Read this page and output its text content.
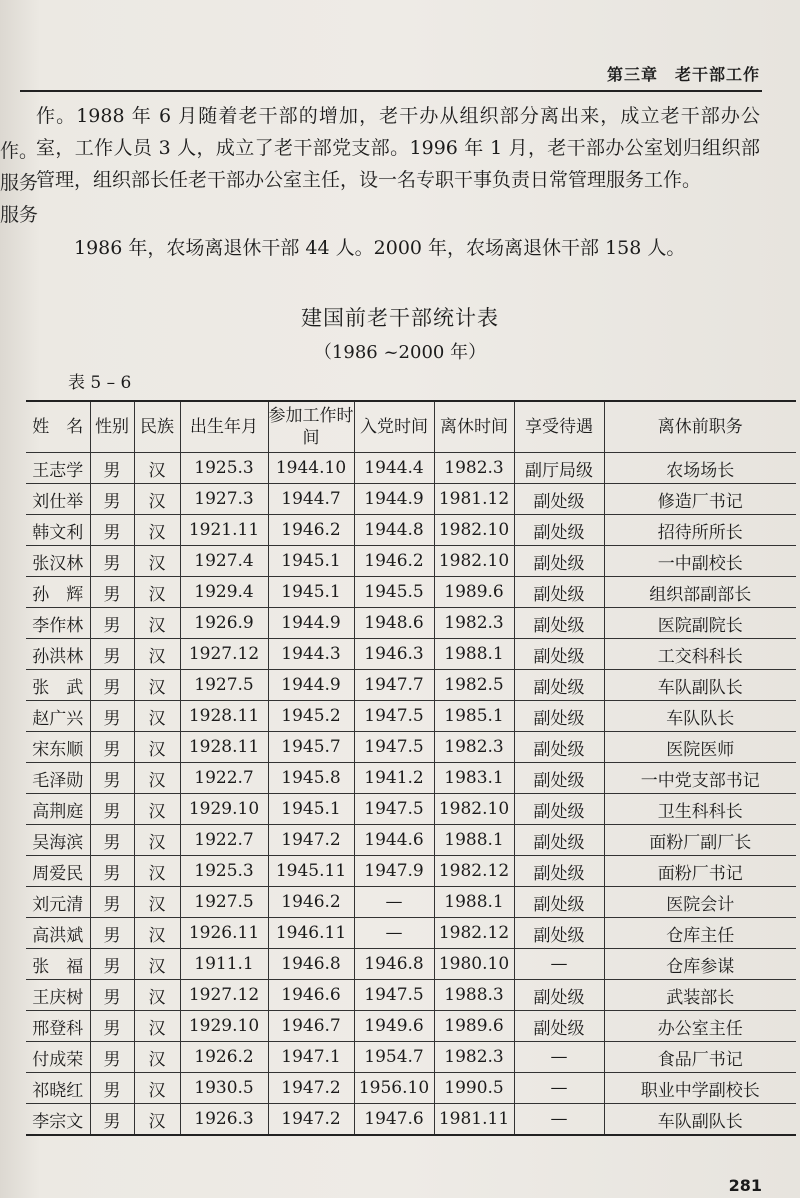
第三章　老干部工作
作。
服务
服务
作。1988 年 6 月随着老干部的增加，老干办从组织部分离出来，成立老干部办公室，工作人员 3 人，成立了老干部党支部。1996 年 1 月，老干部办公室划归组织部管理，组织部长任老干部办公室主任，设一名专职干事负责日常管理服务工作。
1986 年，农场离退休干部 44 人。2000 年，农场离退休干部 158 人。
建国前老干部统计表
（1986 ~2000 年）
表 5 – 6
姓　名	性别	民族	出生年月	参加工作时　间	入党时间	离休时间	享受待遇	离休前职务
王志学	男	汉	1925.3	1944.10	1944.4	1982.3	副厅局级	农场场长
刘仕举	男	汉	1927.3	1944.7	1944.9	1981.12	副处级	修造厂书记
韩文利	男	汉	1921.11	1946.2	1944.8	1982.10	副处级	招待所所长
张汉林	男	汉	1927.4	1945.1	1946.2	1982.10	副处级	一中副校长
孙　辉	男	汉	1929.4	1945.1	1945.5	1989.6	副处级	组织部副部长
李作林	男	汉	1926.9	1944.9	1948.6	1982.3	副处级	医院副院长
孙洪林	男	汉	1927.12	1944.3	1946.3	1988.1	副处级	工交科科长
张　武	男	汉	1927.5	1944.9	1947.7	1982.5	副处级	车队副队长
赵广兴	男	汉	1928.11	1945.2	1947.5	1985.1	副处级	车队队长
宋东顺	男	汉	1928.11	1945.7	1947.5	1982.3	副处级	医院医师
毛泽勋	男	汉	1922.7	1945.8	1941.2	1983.1	副处级	一中党支部书记
高荆庭	男	汉	1929.10	1945.1	1947.5	1982.10	副处级	卫生科科长
吴海滨	男	汉	1922.7	1947.2	1944.6	1988.1	副处级	面粉厂副厂长
周爱民	男	汉	1925.3	1945.11	1947.9	1982.12	副处级	面粉厂书记
刘元清	男	汉	1927.5	1946.2	—	1988.1	副处级	医院会计
高洪斌	男	汉	1926.11	1946.11	—	1982.12	副处级	仓库主任
张　福	男	汉	1911.1	1946.8	1946.8	1980.10	—	仓库参谋
王庆树	男	汉	1927.12	1946.6	1947.5	1988.3	副处级	武装部长
邢登科	男	汉	1929.10	1946.7	1949.6	1989.6	副处级	办公室主任
付成荣	男	汉	1926.2	1947.1	1954.7	1982.3	—	食品厂书记
祁晓红	男	汉	1930.5	1947.2	1956.10	1990.5	—	职业中学副校长
李宗文	男	汉	1926.3	1947.2	1947.6	1981.11	—	车队副队长
281
